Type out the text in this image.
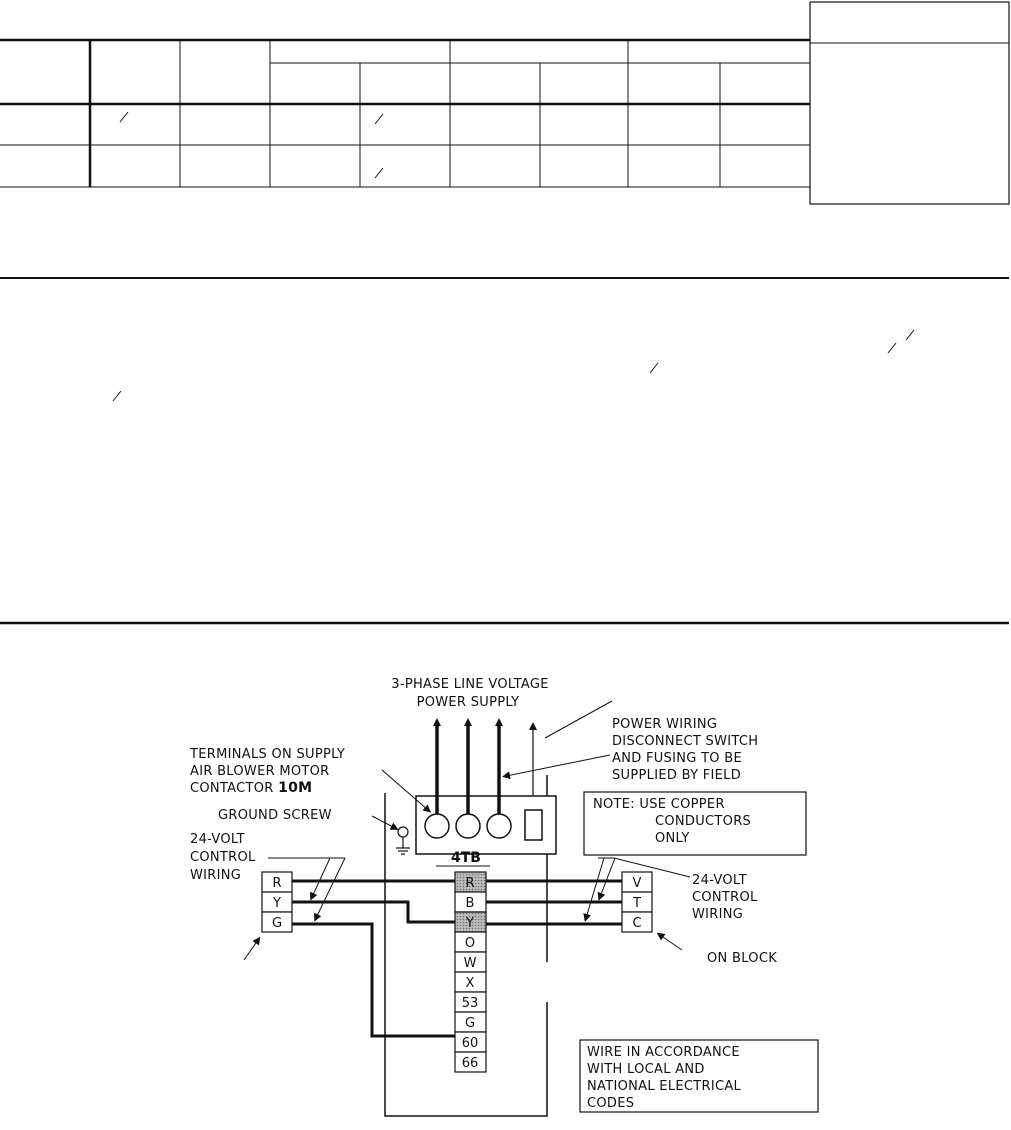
3-PHASE LINE VOLTAGE
POWER SUPPLY
POWER WIRING
DISCONNECT SWITCH
AND FUSING TO BE
SUPPLIED BY FIELD
TERMINALS ON SUPPLY
AIR BLOWER MOTOR
CONTACTOR 10M
GROUND SCREW
NOTE: USE COPPER
CONDUCTORS
ONLY
4TB
R
B
Y
O
W
X
53
G
60
66
R
Y
G
V
T
C
24-VOLT
CONTROL
WIRING	24-VOLT
CONTROL
WIRING
ON BLOCK
WIRE IN ACCORDANCE
WITH LOCAL AND
NATIONAL ELECTRICAL
CODES
